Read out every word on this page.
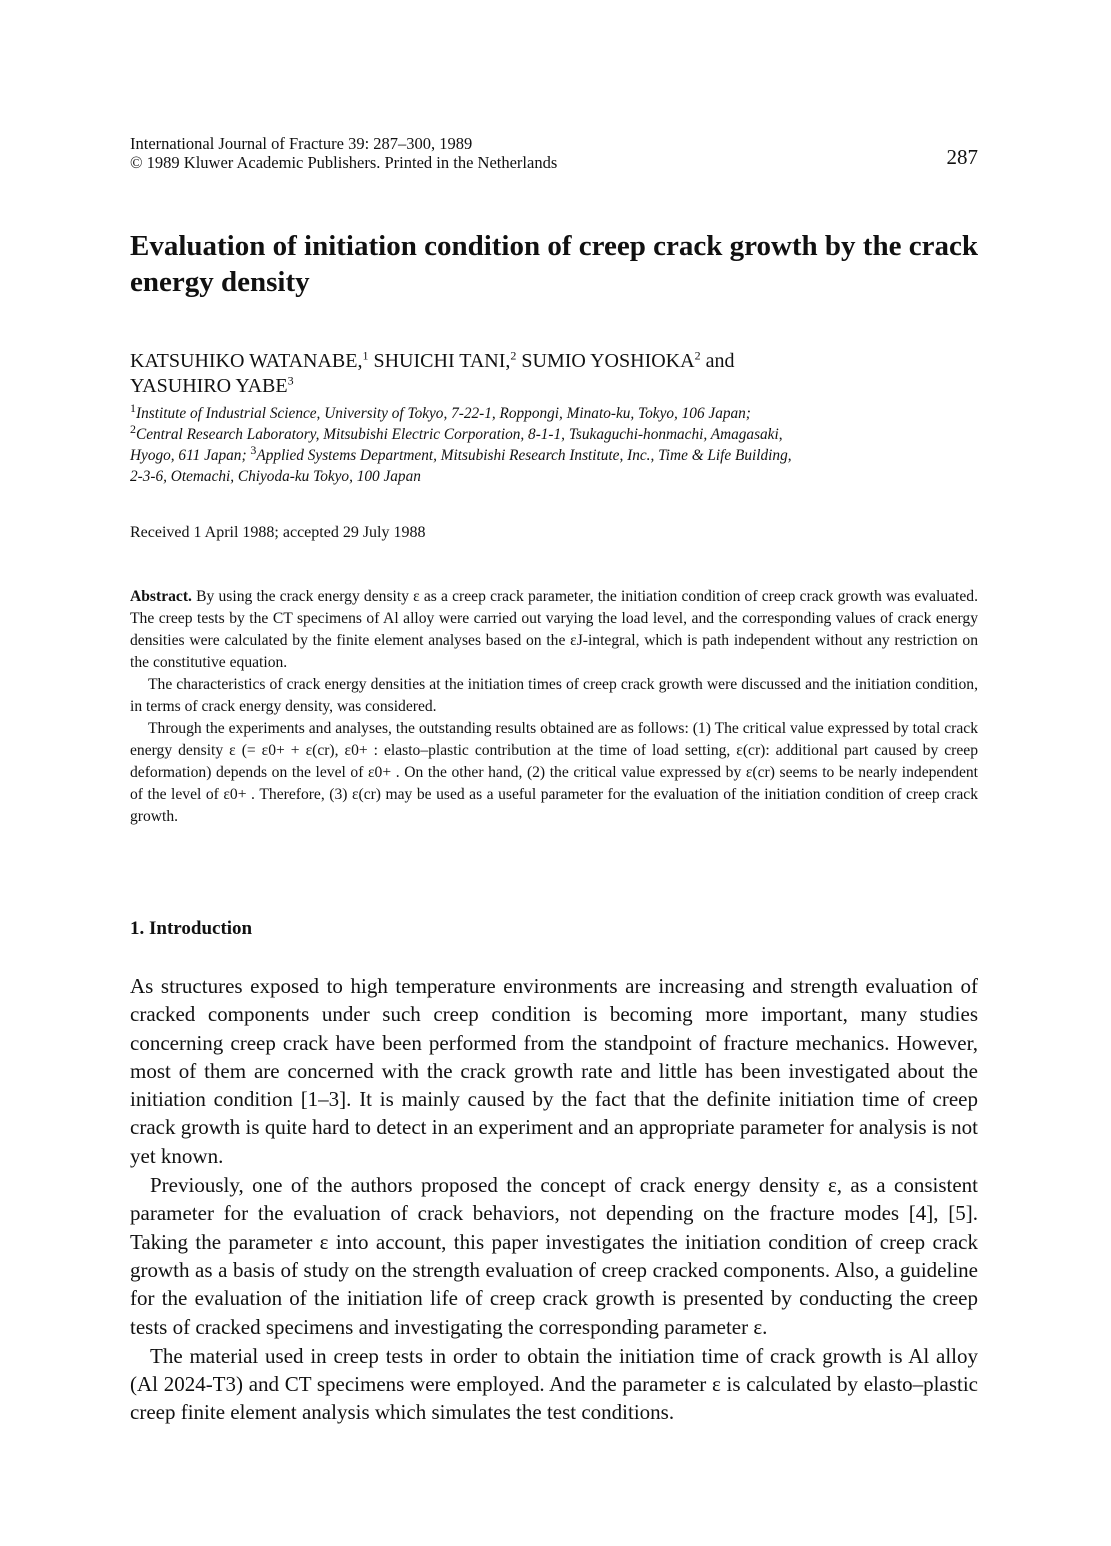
International Journal of Fracture 39: 287–300, 1989
© 1989 Kluwer Academic Publishers. Printed in the Netherlands	287
Evaluation of initiation condition of creep crack growth by the crack energy density
KATSUHIKO WATANABE,$^1$ SHUICHI TANI,$^2$ SUMIO YOSHIOKA$^2$ and
YASUHIRO YABE$^3$
$^1$Institute of Industrial Science, University of Tokyo, 7-22-1, Roppongi, Minato-ku, Tokyo, 106 Japan;
$^2$Central Research Laboratory, Mitsubishi Electric Corporation, 8-1-1, Tsukaguchi-honmachi, Amagasaki,
Hyogo, 611 Japan; $^3$Applied Systems Department, Mitsubishi Research Institute, Inc., Time & Life Building,
2-3-6, Otemachi, Chiyoda-ku Tokyo, 100 Japan
Received 1 April 1988; accepted 29 July 1988

Abstract. By using the crack energy density ε as a creep crack parameter, the initiation condition of creep crack growth was evaluated. The creep tests by the CT specimens of Al alloy were carried out varying the load level, and the corresponding values of crack energy densities were calculated by the finite element analyses based on the εJ-integral, which is path independent without any restriction on the constitutive equation.

The characteristics of crack energy densities at the initiation times of creep crack growth were discussed and the initiation condition, in terms of crack energy density, was considered.

Through the experiments and analyses, the outstanding results obtained are as follows: (1) The critical value expressed by total crack energy density ε (= ε0+ + ε(cr), ε0+ : elasto–plastic contribution at the time of load setting, ε(cr): additional part caused by creep deformation) depends on the level of ε0+ . On the other hand, (2) the critical value expressed by ε(cr) seems to be nearly independent of the level of ε0+ . Therefore, (3) ε(cr) may be used as a useful parameter for the evaluation of the initiation condition of creep crack growth.

1. Introduction

As structures exposed to high temperature environments are increasing and strength evaluation of cracked components under such creep condition is becoming more important, many studies concerning creep crack have been performed from the standpoint of fracture mechanics. However, most of them are concerned with the crack growth rate and little has been investigated about the initiation condition [1–3]. It is mainly caused by the fact that the definite initiation time of creep crack growth is quite hard to detect in an experiment and an appropriate parameter for analysis is not yet known.

Previously, one of the authors proposed the concept of crack energy density ε, as a consistent parameter for the evaluation of crack behaviors, not depending on the fracture modes [4], [5]. Taking the parameter ε into account, this paper investigates the initiation condition of creep crack growth as a basis of study on the strength evaluation of creep cracked components. Also, a guideline for the evaluation of the initiation life of creep crack growth is presented by conducting the creep tests of cracked specimens and investigating the corresponding parameter ε.

The material used in creep tests in order to obtain the initiation time of crack growth is Al alloy (Al 2024-T3) and CT specimens were employed. And the parameter ε is calculated by elasto–plastic creep finite element analysis which simulates the test conditions.
